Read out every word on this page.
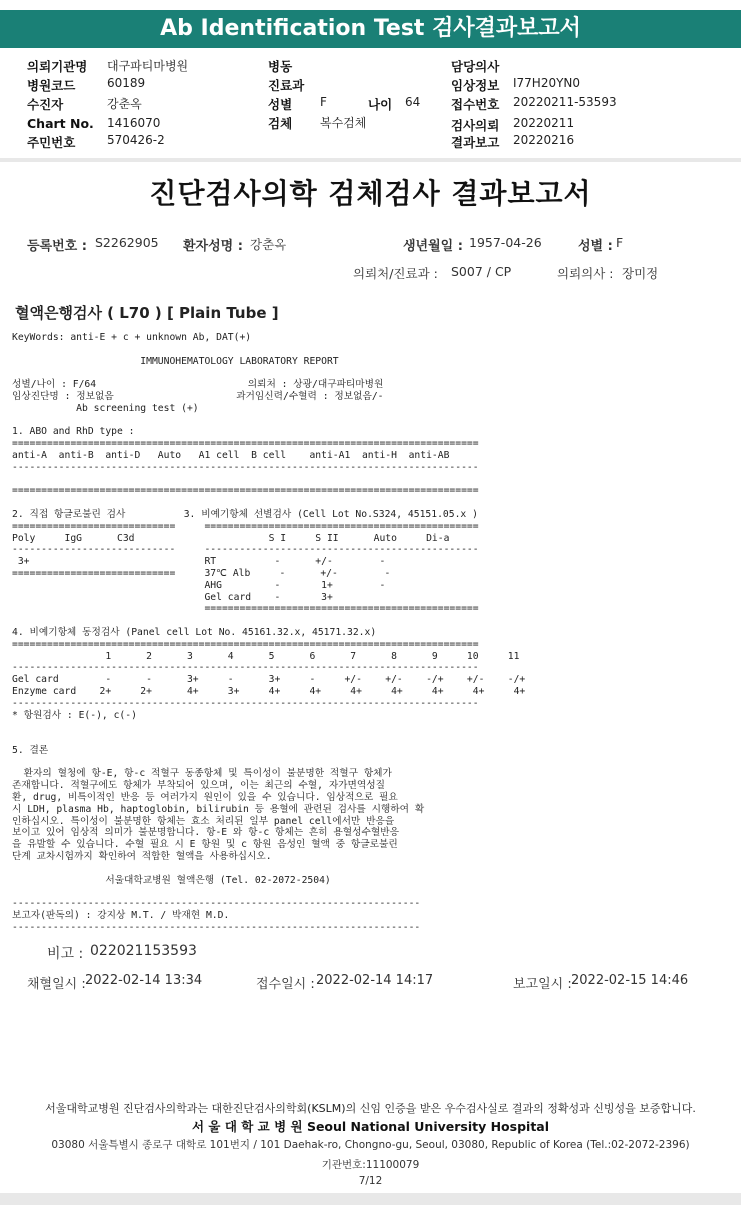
Ab Identification Test 검사결과보고서
의뢰기관명 대구파티마병원
병원코드	60189
수진자	강춘옥
Chart No. 1416070
주민번호	570426-2
병동
진료과
성별 F	나이 64
검체 복수검체
담당의사
임상정보 I77H20YN0
접수번호 20220211-53593
검사의뢰 20220211
결과보고 20220216
진단검사의학 검체검사 결과보고서
등록번호 : S2262905 환자성명 : 강춘옥	생년월일 : 1957-04-26	성별 : F
의뢰처/진료과 : S007 / CP	의뢰의사 : 장미정
혈액은행검사 ( L70 ) [ Plain Tube ]
KeyWords: anti-E + c + unknown Ab, DAT(+)
IMMUNOHEMATOLOGY LABORATORY REPORT
성별/나이 : F/64                          의뢰처 : 상광/대구파티마병원
임상진단명 : 정보없음                     과거임신력/수혈력 : 정보없음/-
Ab screening test (+)
1. ABO and RhD type :
================================================================================
anti-A  anti-B  anti-D   Auto   A1 cell  B cell    anti-A1  anti-H  anti-AB
--------------------------------------------------------------------------------
================================================================================
2. 직접 항글로불린 검사          3. 비예기항체 선별검사 (Cell Lot No.S324, 45151.05.x )
============================     ===============================================
Poly     IgG      C3d                       S I     S II      Auto     Di-a
----------------------------     -----------------------------------------------
3+                              RT          -      +/-        -
============================     37℃ Alb     -      +/-        -
AHG         -       1+        -
Gel card    -       3+
===============================================
4. 비예기항체 동정검사 (Panel cell Lot No. 45161.32.x, 45171.32.x)
================================================================================
1      2      3      4      5      6      7      8      9     10     11
--------------------------------------------------------------------------------
Gel card        -      -      3+     -      3+     -     +/-    +/-    -/+    +/-    -/+
Enzyme card    2+     2+      4+     3+     4+     4+     4+     4+     4+     4+     4+
--------------------------------------------------------------------------------
* 항원검사 : E(-), c(-)
5. 결론
환자의 혈청에 항-E, 항-c 적혈구 동종항체 및 특이성이 불분명한 적혈구 항체가
존재합니다. 적혈구에도 항체가 부착되어 있으며, 이는 최근의 수혈, 자가면역성질
환, drug, 비특이적인 반응 등 여러가지 원인이 있을 수 있습니다. 임상적으로 필요
시 LDH, plasma Hb, haptoglobin, bilirubin 등 용혈에 관련된 검사를 시행하여 확
인하십시오. 특이성이 불분명한 항체는 효소 처리된 일부 panel cell에서만 반응을
보이고 있어 임상적 의미가 불분명합니다. 항-E 와 항-c 항체는 흔히 용혈성수혈반응
을 유발할 수 있습니다. 수혈 필요 시 E 항원 및 c 항원 음성인 혈액 중 항글로불린
단계 교차시험까지 확인하여 적합한 혈액을 사용하십시오.
서울대학교병원 혈액은행 (Tel. 02-2072-2504)
----------------------------------------------------------------------
보고자(판독의) : 강지상 M.T. / 박재현 M.D.
----------------------------------------------------------------------
비고 : 022021153593
채혈일시 : 2022-02-14 13:34	접수일시 : 2022-02-14 14:17	보고일시 : 2022-02-15 14:46
서울대학교병원 진단검사의학과는 대한진단검사의학회(KSLM)의 신임 인증을 받은 우수검사실로 결과의 정확성과 신빙성을 보증합니다.
서 울 대 학 교 병 원 Seoul National University Hospital
03080 서울특별시 종로구 대학로 101번지 / 101 Daehak-ro, Chongno-gu, Seoul, 03080, Republic of Korea (Tel.:02-2072-2396)
기관번호:11100079
7/12
